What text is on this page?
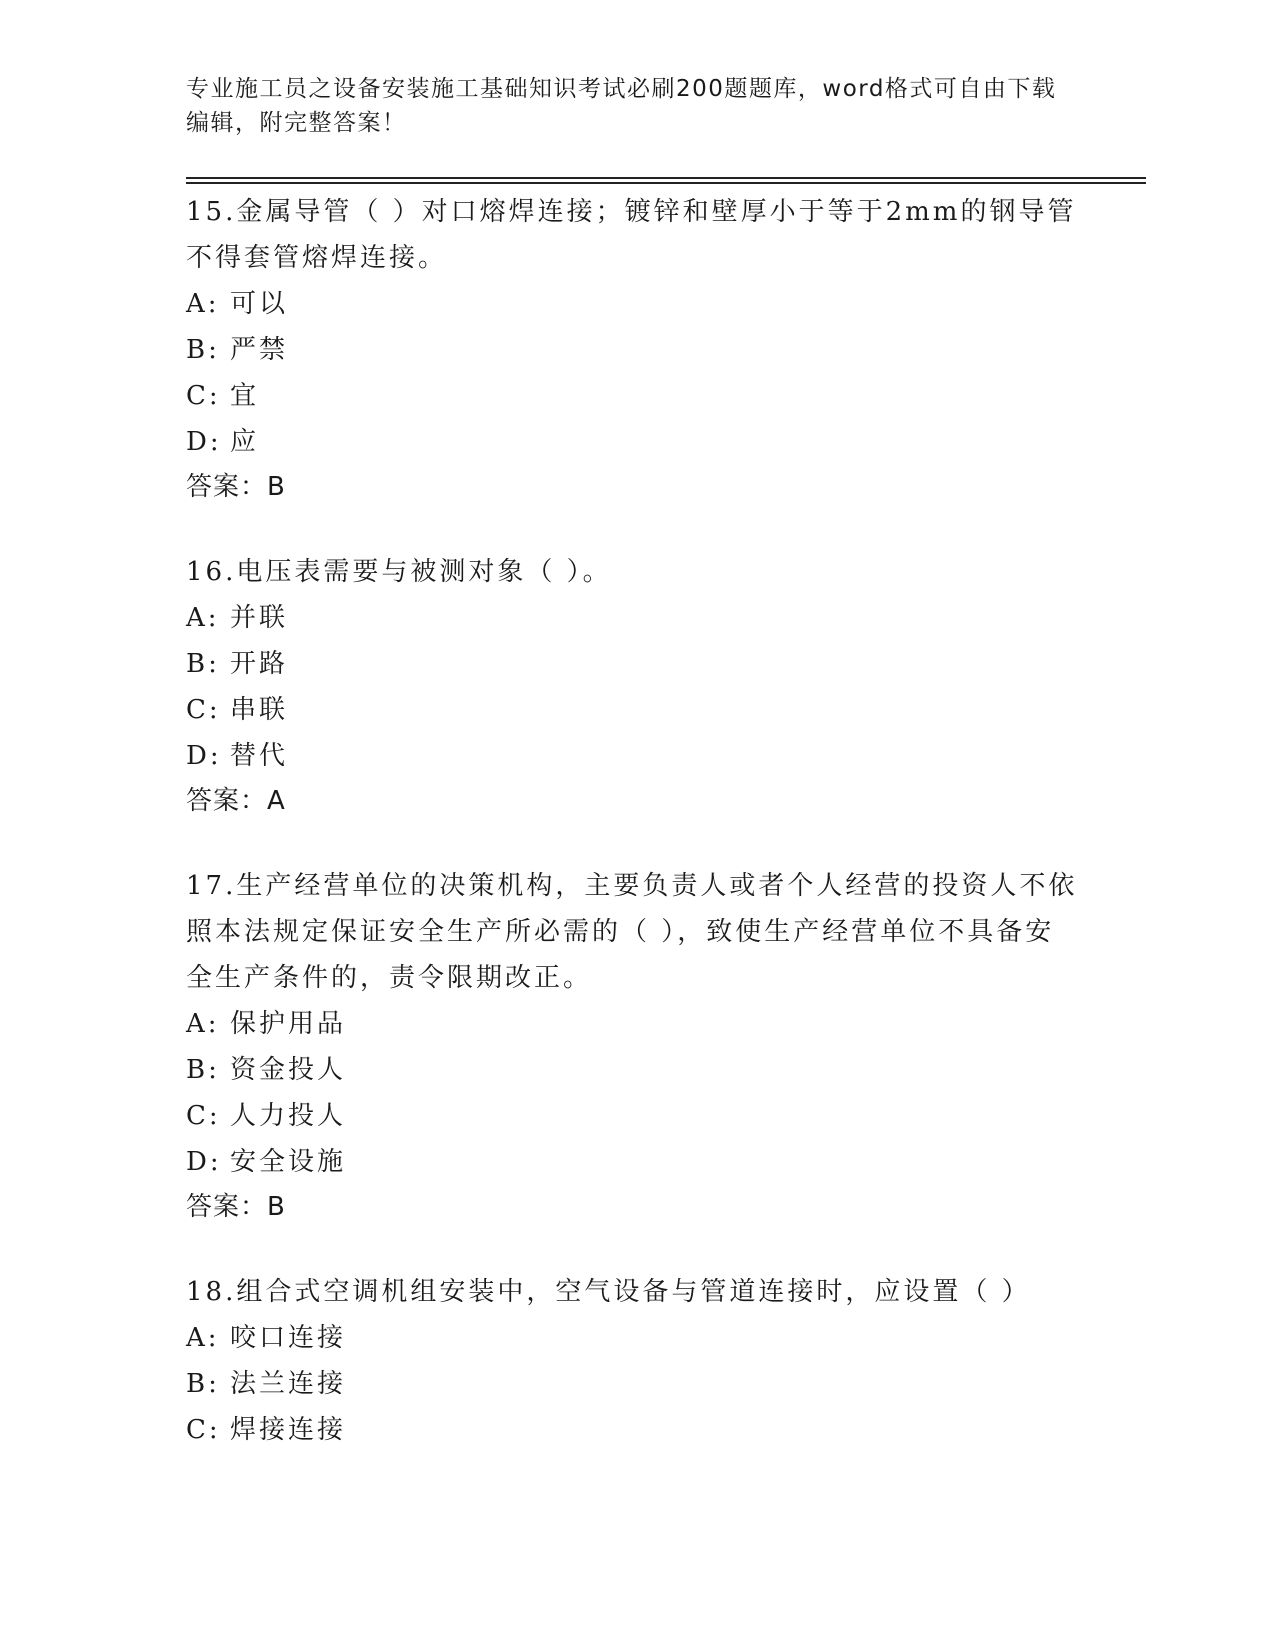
专业施工员之设备安装施工基础知识考试必刷200题题库，word格式可自由下载
编辑，附完整答案！
15.金属导管（ ）对口熔焊连接；镀锌和壁厚小于等于2mm的钢导管
不得套管熔焊连接。
A: 可以
B: 严禁
C: 宜
D: 应
答案：B
16.电压表需要与被测对象（ ）。
A: 并联
B: 开路
C: 串联
D: 替代
答案：A
17.生产经营单位的决策机构，主要负责人或者个人经营的投资人不依
照本法规定保证安全生产所必需的（ ），致使生产经营单位不具备安
全生产条件的，责令限期改正。
A: 保护用品
B: 资金投人
C: 人力投人
D: 安全设施
答案：B
18.组合式空调机组安装中，空气设备与管道连接时，应设置（ ）
A: 咬口连接
B: 法兰连接
C: 焊接连接
